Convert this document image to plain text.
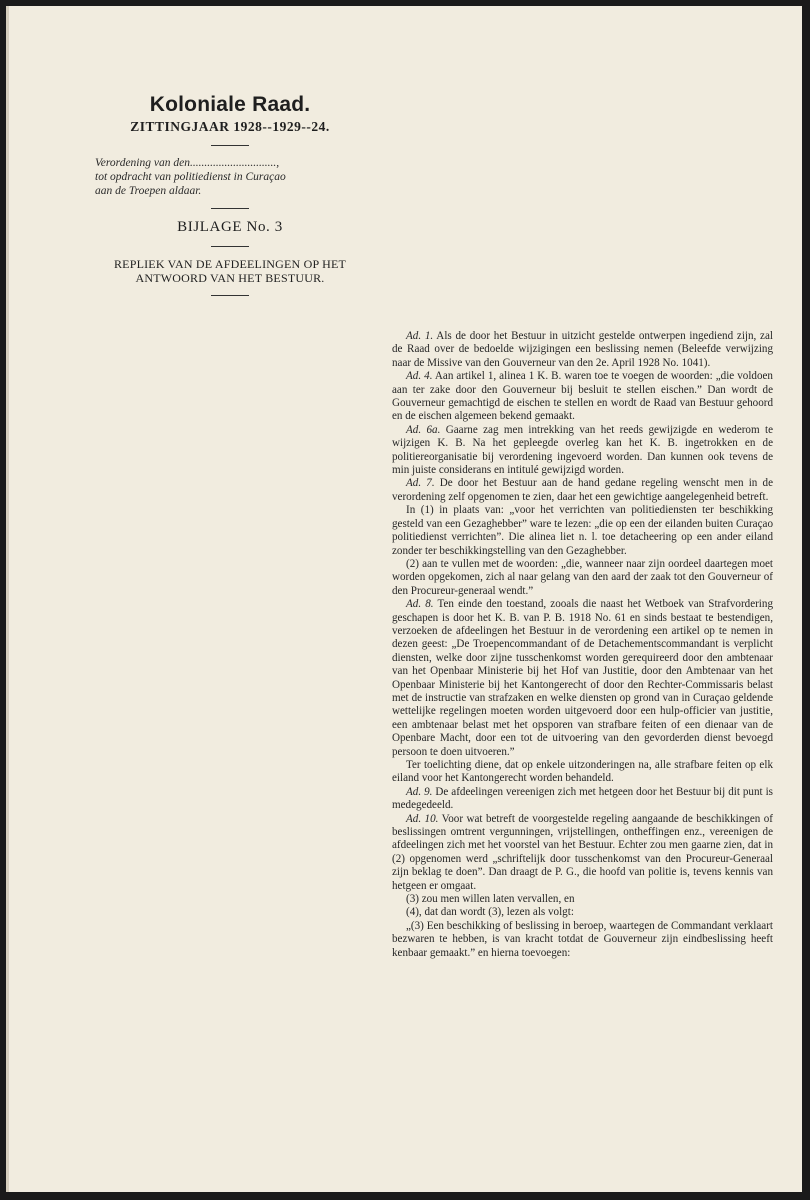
Koloniale Raad.
ZITTINGJAAR 1928--1929--24.
Verordening van den..............................,
tot opdracht van politiedienst in Curaçao
aan de Troepen aldaar.
BIJLAGE No. 3
REPLIEK VAN DE AFDEELINGEN OP HET
ANTWOORD VAN HET BESTUUR.

Ad. 1. Als de door het Bestuur in uitzicht gestelde ontwerpen ingediend zijn, zal de Raad over de bedoelde wijzigingen een beslissing nemen (Beleefde verwijzing naar de Missive van den Gouverneur van den 2e. April 1928 No. 1041).

Ad. 4. Aan artikel 1, alinea 1 K. B. waren toe te voegen de woorden: „die voldoen aan ter zake door den Gouverneur bij besluit te stellen eischen.” Dan wordt de Gouverneur gemachtigd de eischen te stellen en wordt de Raad van Bestuur gehoord en de eischen algemeen bekend gemaakt.

Ad. 6a. Gaarne zag men intrekking van het reeds gewijzigde en wederom te wijzigen K. B. Na het gepleegde overleg kan het K. B. ingetrokken en de politiereorganisatie bij verordening ingevoerd worden. Dan kunnen ook tevens de min juiste considerans en intitulé gewijzigd worden.

Ad. 7. De door het Bestuur aan de hand gedane regeling wenscht men in de verordening zelf opgenomen te zien, daar het een gewichtige aangelegenheid betreft.

In (1) in plaats van: „voor het verrichten van politiediensten ter beschikking gesteld van een Gezaghebber” ware te lezen: „die op een der eilanden buiten Curaçao politiedienst verrichten”. Die alinea liet n. l. toe detacheering op een ander eiland zonder ter beschikkingstelling van den Gezaghebber.

(2) aan te vullen met de woorden: „die, wanneer naar zijn oordeel daartegen moet worden opgekomen, zich al naar gelang van den aard der zaak tot den Gouverneur of den Procureur-generaal wendt.”

Ad. 8. Ten einde den toestand, zooals die naast het Wetboek van Strafvordering geschapen is door het K. B. van P. B. 1918 No. 61 en sinds bestaat te bestendigen, verzoeken de afdeelingen het Bestuur in de verordening een artikel op te nemen in dezen geest: „De Troepencommandant of de Detachementscommandant is verplicht diensten, welke door zijne tusschenkomst worden gerequireerd door den ambtenaar van het Openbaar Ministerie bij het Hof van Justitie, door den Ambtenaar van het Openbaar Ministerie bij het Kantongerecht of door den Rechter-Commissaris belast met de instructie van strafzaken en welke diensten op grond van in Curaçao geldende wettelijke regelingen moeten worden uitgevoerd door een hulp-officier van justitie, een ambtenaar belast met het opsporen van strafbare feiten of een dienaar van de Openbare Macht, door een tot de uitvoering van den gevorderden dienst bevoegd persoon te doen uitvoeren.”

Ter toelichting diene, dat op enkele uitzonderingen na, alle strafbare feiten op elk eiland voor het Kantongerecht worden behandeld.

Ad. 9. De afdeelingen vereenigen zich met hetgeen door het Bestuur bij dit punt is medegedeeld.

Ad. 10. Voor wat betreft de voorgestelde regeling aangaande de beschikkingen of beslissingen omtrent vergunningen, vrijstellingen, ontheffingen enz., vereenigen de afdeelingen zich met het voorstel van het Bestuur. Echter zou men gaarne zien, dat in (2) opgenomen werd „schriftelijk door tusschenkomst van den Procureur-Generaal zijn beklag te doen”. Dan draagt de P. G., die hoofd van politie is, tevens kennis van hetgeen er omgaat.

(3) zou men willen laten vervallen, en

(4), dat dan wordt (3), lezen als volgt:

„(3) Een beschikking of beslissing in beroep, waartegen de Commandant verklaart bezwaren te hebben, is van kracht totdat de Gouverneur zijn eindbeslissing heeft kenbaar gemaakt.” en hierna toevoegen:
